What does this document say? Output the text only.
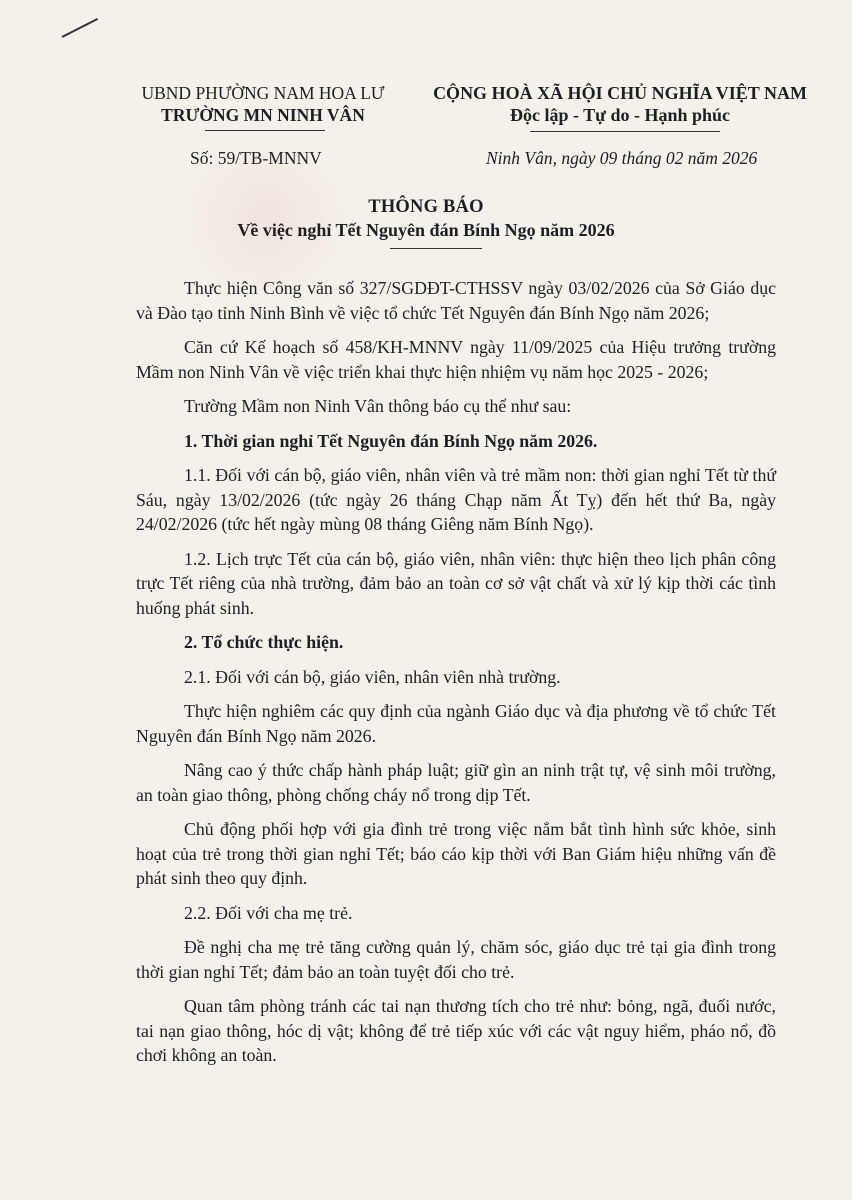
UBND PHƯỜNG NAM HOA LƯ
TRƯỜNG MN NINH VÂN
CỘNG HOÀ XÃ HỘI CHỦ NGHĨA VIỆT NAM
Độc lập - Tự do - Hạnh phúc
Số: 59/TB-MNNV	Ninh Vân, ngày 09 tháng 02 năm 2026
THÔNG BÁO
Về việc nghỉ Tết Nguyên đán Bính Ngọ năm 2026

Thực hiện Công văn số 327/SGDĐT-CTHSSV ngày 03/02/2026 của Sở Giáo dục và Đào tạo tỉnh Ninh Bình về việc tổ chức Tết Nguyên đán Bính Ngọ năm 2026;

Căn cứ Kế hoạch số 458/KH-MNNV ngày 11/09/2025 của Hiệu trưởng trường Mầm non Ninh Vân về việc triển khai thực hiện nhiệm vụ năm học 2025 - 2026;

Trường Mầm non Ninh Vân thông báo cụ thể như sau:

1. Thời gian nghỉ Tết Nguyên đán Bính Ngọ năm 2026.

1.1. Đối với cán bộ, giáo viên, nhân viên và trẻ mầm non: thời gian nghỉ Tết từ thứ Sáu, ngày 13/02/2026 (tức ngày 26 tháng Chạp năm Ất Tỵ) đến hết thứ Ba, ngày 24/02/2026 (tức hết ngày mùng 08 tháng Giêng năm Bính Ngọ).

1.2. Lịch trực Tết của cán bộ, giáo viên, nhân viên: thực hiện theo lịch phân công trực Tết riêng của nhà trường, đảm bảo an toàn cơ sở vật chất và xử lý kịp thời các tình huống phát sinh.

2. Tổ chức thực hiện.

2.1. Đối với cán bộ, giáo viên, nhân viên nhà trường.

Thực hiện nghiêm các quy định của ngành Giáo dục và địa phương về tổ chức Tết Nguyên đán Bính Ngọ năm 2026.

Nâng cao ý thức chấp hành pháp luật; giữ gìn an ninh trật tự, vệ sinh môi trường, an toàn giao thông, phòng chống cháy nổ trong dịp Tết.

Chủ động phối hợp với gia đình trẻ trong việc nắm bắt tình hình sức khỏe, sinh hoạt của trẻ trong thời gian nghỉ Tết; báo cáo kịp thời với Ban Giám hiệu những vấn đề phát sinh theo quy định.

2.2. Đối với cha mẹ trẻ.

Đề nghị cha mẹ trẻ tăng cường quản lý, chăm sóc, giáo dục trẻ tại gia đình trong thời gian nghỉ Tết; đảm bảo an toàn tuyệt đối cho trẻ.

Quan tâm phòng tránh các tai nạn thương tích cho trẻ như: bỏng, ngã, đuối nước, tai nạn giao thông, hóc dị vật; không để trẻ tiếp xúc với các vật nguy hiểm, pháo nổ, đồ chơi không an toàn.
